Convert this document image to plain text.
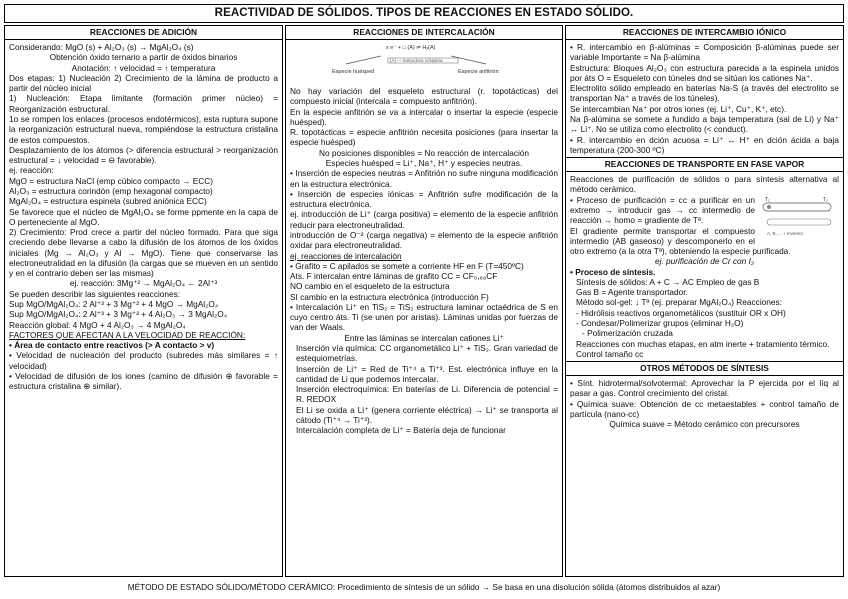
REACTIVIDAD DE SÓLIDOS. TIPOS DE REACCIONES EN ESTADO SÓLIDO.
REACCIONES DE ADICIÓN

Considerando: MgO (s) + Al₂O₃ (s) → MgAl₂O₄ (s)

Obtención óxido ternario a partir de óxidos binarios

Anotación: ↑ velocidad = ↑ temperatura

Dos etapas: 1) Nucleación 2) Crecimiento de la lámina de producto a partir del núcleo inicial

1) Nucleación: Etapa limitante (formación primer núcleo) = Reorganización estructural.

1o se rompen los enlaces (procesos endotérmicos), esta ruptura supone la reorganización estructural nueva, rompiéndose la estructura cristalina de estos compuestos.

Desplazamiento de los átomos (> diferencia estructural > reorganización estructural = ↓ velocidad = ⊖ favorable).

ej. reacción:

MgO = estructura NaCl (emp cúbico compacto → ECC)

Al₂O₃ = estructura corindón (emp hexagonal compacto)

MgAl₂O₄ = estructura espinela (subred aniónica ECC)

Se favorece que el núcleo de MgAl₂O₄ se forme ppmente en la capa de O perteneciente al MgO.

2) Crecimiento: Prod crece a partir del núcleo formado. Para que siga creciendo debe llevarse a cabo la difusión de los átomos de los óxidos iniciales (Mg → Al₂O₃ y Al → MgO). Tiene que conservarse las electroneutralidad en la difusión (la cargas que se mueven en un sentido y en el contrario deben ser las mismas)

ej. reacción: 3Mg⁺² → MgAl₂O₄ ← 2Al⁺³

Se pueden describir las siguientes reacciones:

Sup MgO/MgAl₂O₄: 2 Al⁺³ + 3 Mg⁺² + 4 MgO → MgAl₂O₄

Sup MgO/MgAl₂O₄: 2 Al⁺³ + 3 Mg⁺² + 4 Al₂O₃ → 3 MgAl₂O₄

Reacción global: 4 MgO + 4 Al₂O₃ → 4 MgAl₂O₄

FACTORES QUE AFECTAN A LA VELOCIDAD DE REACCIÓN:

• Área de contacto entre reactivos (> A contacto > v)

• Velocidad de nucleación del producto (subredes más similares = ↑ velocidad)

• Velocidad de difusión de los iones (camino de difusión ⊕ favorable = estructura cristalina ⊕ similar).

REACCIONES DE INTERCALACIÓN
x e⁻ + □ (A) ⇌ Hₓ(A)
(A) — Estructura cristalina
Especie huésped	Especie anfitrión

No hay variación del esqueleto estructural (r. topotácticas) del compuesto inicial (intercala = compuesto anfitrión).

En la especie anfitrión se va a intercalar o insertar la especie (especie huésped).

R. topotácticas = especie anfitrión necesita posiciones (para insertar la especie huésped)

No posiciones disponibles = No reacción de intercalación

Especies huésped = Li⁺, Na⁺, H⁺ y especies neutras.

• Inserción de especies neutras = Anfitrión no sufre ninguna modificación en la estructura electrónica.

• Inserción de especies iónicas = Anfitrión sufre modificación de la estructura electrónica.

ej. introducción de Li⁺ (carga positiva) = elemento de la especie anfitrión reducir para electroneutralidad.

introducción de O⁻² (carga negativa) = elemento de la especie anfitrión oxidar para electroneutralidad.

ej. reacciones de intercalación

• Grafito = C apilados se somete a corriente HF en F (T=450ºC)

Ats. F intercalan entre láminas de grafito CC = CF₀,₆₈CF

NO cambio en el esqueleto de la estructura

SI cambio en la estructura electrónica (introducción F)

• Intercalación Li⁺ en TiS₂ = TiS₂ estructura laminar octaédrica de S en cuyo centro áts. Ti (se unen por aristas). Láminas unidas por fuerzas de van der Waals.

Entre las láminas se intercalan cationes Li⁺

Inserción vía química: CC organometálico Li⁺ + TiS₂. Gran variedad de estequiometrías.

Inserción de Li⁺ = Red de Ti⁺⁴ a Ti⁺³. Est. electrónica influye en la cantidad de Li que podemos intercalar.

Inserción electroquímica: En baterías de Li. Diferencia de potencial = R. REDOX

El Li se oxida a Li⁺ (genera corriente eléctrica) → Li⁺ se transporta al cátodo (Ti⁺⁴ → Ti⁺³).

Intercalación completa de Li⁺ = Batería deja de funcionar

REACCIONES DE INTERCAMBIO IÓNICO

• R. intercambio en β-alúminas = Composición β-alúminas puede ser variable Importante = Na β-alúmina

Estructura: Bloques Al₂O₃ con estructura parecida a la espinela unidos por áts O = Esqueleto con túneles dnd se sitúan los cationes Na⁺.

Electrolito sólido empleado en baterías Na-S (a través del electrolito se transportan Na⁺ a través de los túneles).

Se intercambian Na⁺ por otros iones (ej. Li⁺, Cu⁺, K⁺, etc).

Na β-alúmina se somete a fundido a baja temperatura (sal de Li) y Na⁺ ↔ Li⁺. No se utiliza como electrolito (< conduct).

• R. intercambio en dción acuosa = Li⁺ ↔ H⁺ en dción ácida a baja temperatura (200-300 ºC)

REACCIONES DE TRANSPORTE EN FASE VAPOR

Reacciones de purificación de sólidos o para síntesis alternativa al método cerámico.

T₁	T₂
A, B, ... + Inventor

• Proceso de purificación = cc a purificar en un extremo → introducir gas → cc intermedio de reacción → homo = gradiente de Tª.

El gradiente permite transportar el compuesto intermedio (AB gaseoso) y descomponerlo en el otro extremo (a la otra Tª), obteniendo la especie purificada.

ej. purificación de Cr con I₂

• Proceso de síntesis.

Síntesis de sólidos: A + C → AC Empleo de gas B

Gas B = Agente transportador.

Método sol-gel: ↓ Tª (ej. preparar MgAl₂O₄) Reacciones:

- Hidrólisis reactivos organometálicos (sustituir OR x OH)

- Condesar/Polimerizar grupos (eliminar H₂O)

- Polimerización cruzada

Reacciones con muchas etapas, en atm inerte + tratamiento térmico. Control tamaño cc

OTROS MÉTODOS DE SÍNTESIS

• Sínt. hidrotermal/solvotermal: Aprovechar la P ejercida por el líq al pasar a gas. Control crecimiento del cristal.

• Química suave: Obtención de cc metaestables + control tamaño de partícula (nano-cc)

Química suave = Método cerámico con precursores

MÉTODO DE ESTADO SÓLIDO/MÉTODO CERÁMICO: Procedimiento de síntesis de un sólido → Se basa en una disolución sólida (átomos distribuidos al azar)
